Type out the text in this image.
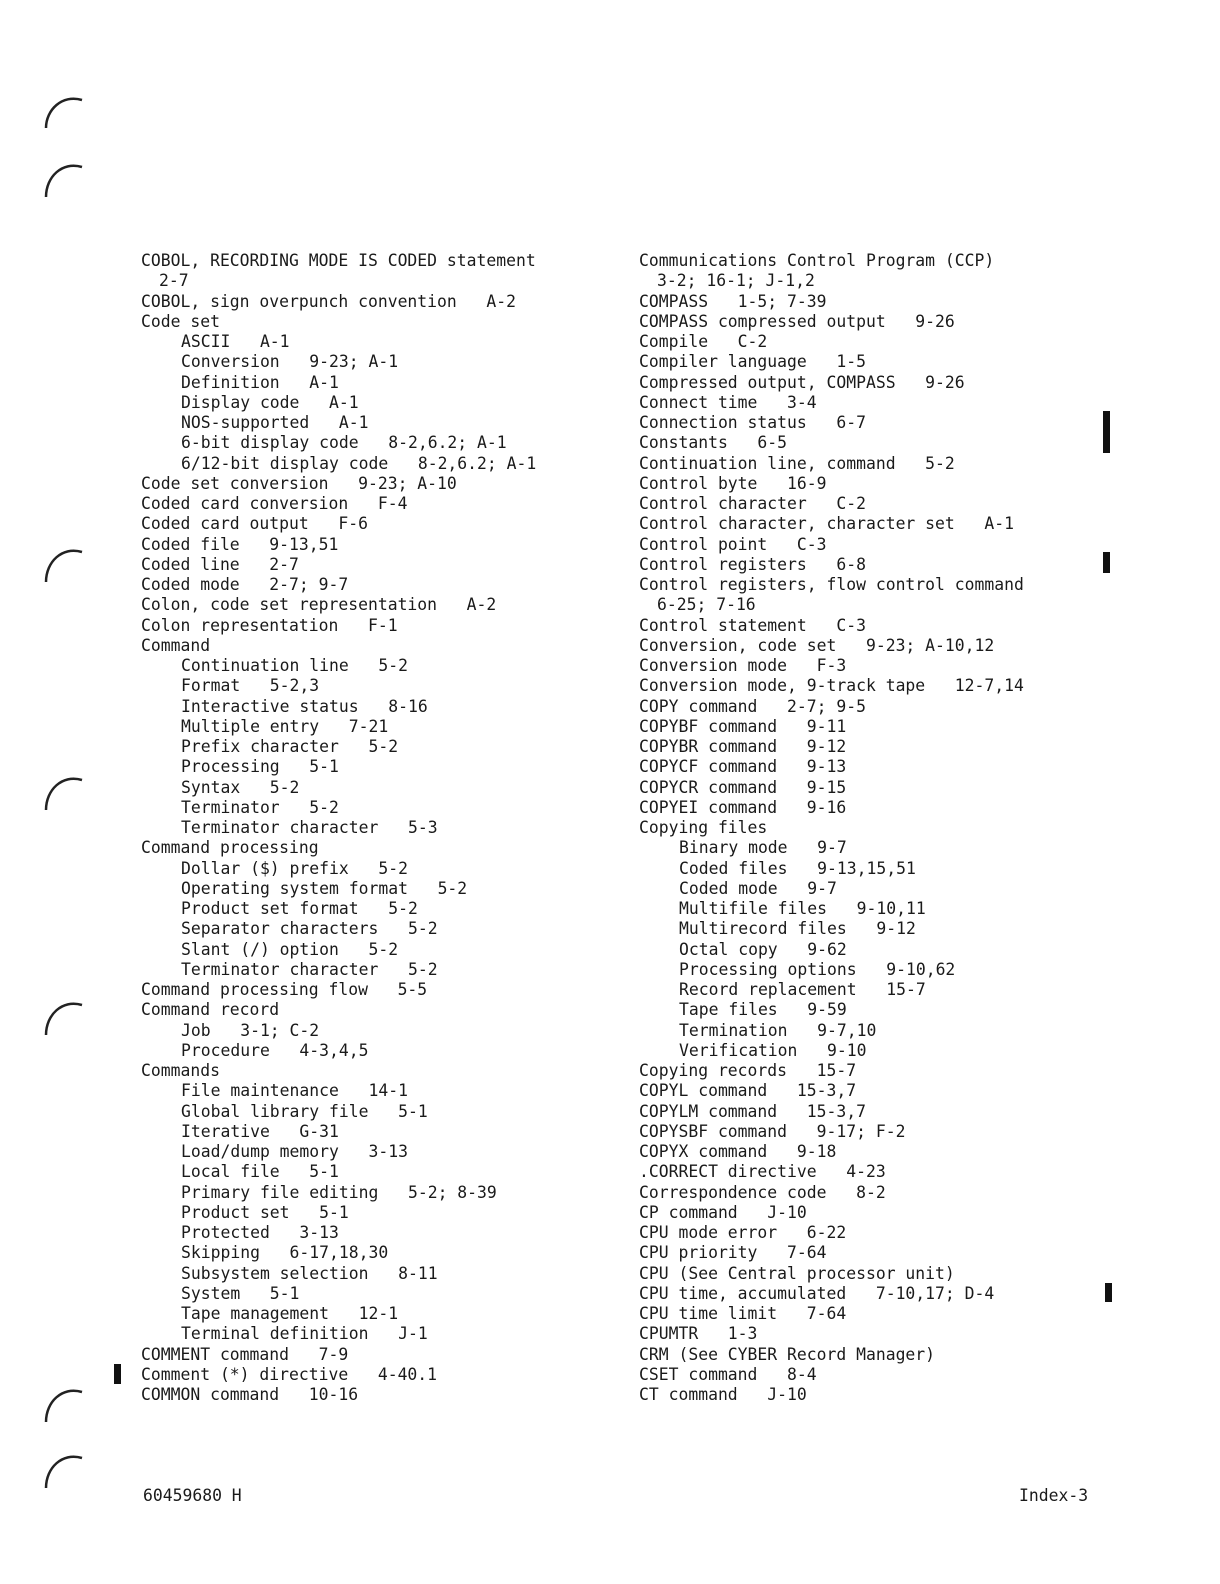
COBOL, RECORDING MODE IS CODED statement
2-7
COBOL, sign overpunch convention   A-2
Code set
ASCII   A-1
Conversion   9-23; A-1
Definition   A-1
Display code   A-1
NOS-supported   A-1
6-bit display code   8-2,6.2; A-1
6/12-bit display code   8-2,6.2; A-1
Code set conversion   9-23; A-10
Coded card conversion   F-4
Coded card output   F-6
Coded file   9-13,51
Coded line   2-7
Coded mode   2-7; 9-7
Colon, code set representation   A-2
Colon representation   F-1
Command
Continuation line   5-2
Format   5-2,3
Interactive status   8-16
Multiple entry   7-21
Prefix character   5-2
Processing   5-1
Syntax   5-2
Terminator   5-2
Terminator character   5-3
Command processing
Dollar ($) prefix   5-2
Operating system format   5-2
Product set format   5-2
Separator characters   5-2
Slant (/) option   5-2
Terminator character   5-2
Command processing flow   5-5
Command record
Job   3-1; C-2
Procedure   4-3,4,5
Commands
File maintenance   14-1
Global library file   5-1
Iterative   G-31
Load/dump memory   3-13
Local file   5-1
Primary file editing   5-2; 8-39
Product set   5-1
Protected   3-13
Skipping   6-17,18,30
Subsystem selection   8-11
System   5-1
Tape management   12-1
Terminal definition   J-1
COMMENT command   7-9
Comment (*) directive   4-40.1
COMMON command   10-16
Communications Control Program (CCP)
3-2; 16-1; J-1,2
COMPASS   1-5; 7-39
COMPASS compressed output   9-26
Compile   C-2
Compiler language   1-5
Compressed output, COMPASS   9-26
Connect time   3-4
Connection status   6-7
Constants   6-5
Continuation line, command   5-2
Control byte   16-9
Control character   C-2
Control character, character set   A-1
Control point   C-3
Control registers   6-8
Control registers, flow control command
6-25; 7-16
Control statement   C-3
Conversion, code set   9-23; A-10,12
Conversion mode   F-3
Conversion mode, 9-track tape   12-7,14
COPY command   2-7; 9-5
COPYBF command   9-11
COPYBR command   9-12
COPYCF command   9-13
COPYCR command   9-15
COPYEI command   9-16
Copying files
Binary mode   9-7
Coded files   9-13,15,51
Coded mode   9-7
Multifile files   9-10,11
Multirecord files   9-12
Octal copy   9-62
Processing options   9-10,62
Record replacement   15-7
Tape files   9-59
Termination   9-7,10
Verification   9-10
Copying records   15-7
COPYL command   15-3,7
COPYLM command   15-3,7
COPYSBF command   9-17; F-2
COPYX command   9-18
.CORRECT directive   4-23
Correspondence code   8-2
CP command   J-10
CPU mode error   6-22
CPU priority   7-64
CPU (See Central processor unit)
CPU time, accumulated   7-10,17; D-4
CPU time limit   7-64
CPUMTR   1-3
CRM (See CYBER Record Manager)
CSET command   8-4
CT command   J-10
60459680 H	Index-3
